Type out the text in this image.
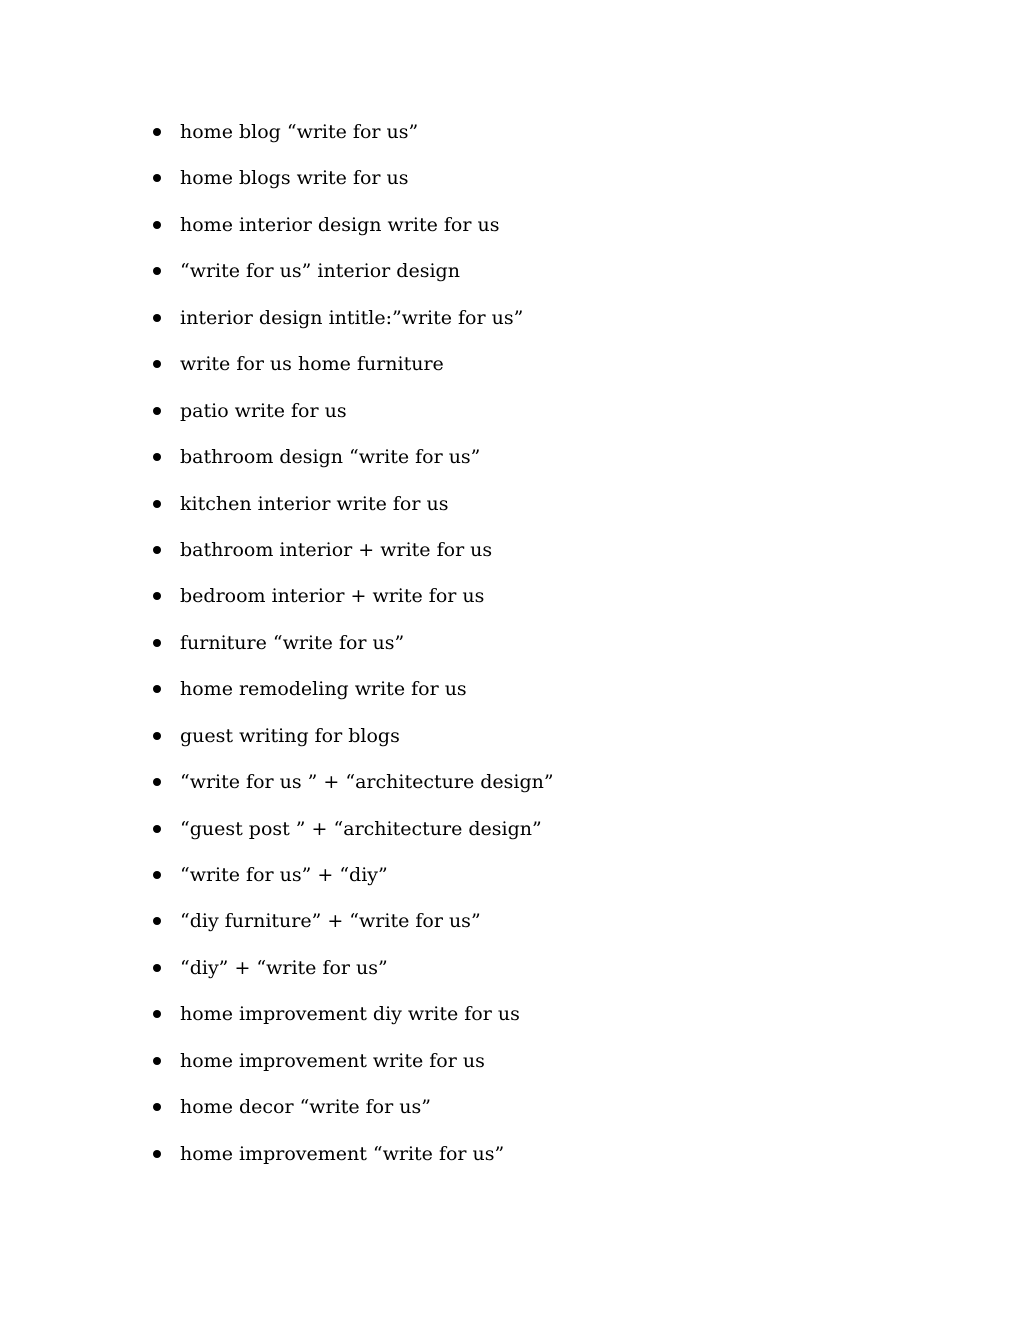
home blog “write for us”
home blogs write for us
home interior design write for us
“write for us” interior design
interior design intitle:”write for us”
write for us home furniture
patio write for us
bathroom design “write for us”
kitchen interior write for us
bathroom interior + write for us
bedroom interior + write for us
furniture “write for us”
home remodeling write for us
guest writing for blogs
“write for us ” + “architecture design”
“guest post ” + “architecture design”
“write for us” + “diy”
“diy furniture” + “write for us”
“diy” + “write for us”
home improvement diy write for us
home improvement write for us
home decor “write for us”
home improvement “write for us”
